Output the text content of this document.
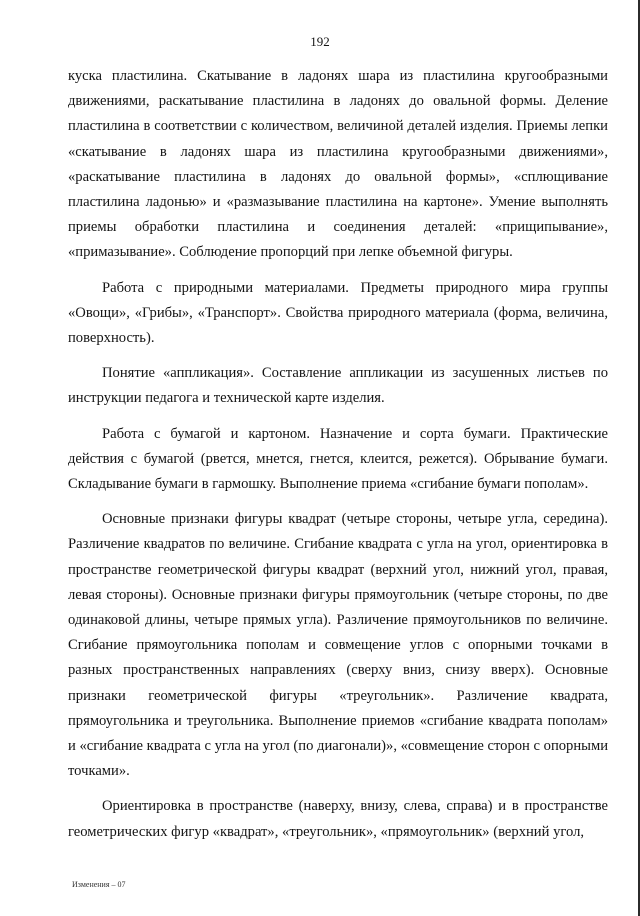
192

куска пластилина. Скатывание в ладонях шара из пластилина кругообразными движениями, раскатывание пластилина в ладонях до овальной формы. Деление пластилина в соответствии с количеством, величиной деталей изделия. Приемы лепки «скатывание в ладонях шара из пластилина кругообразными движениями», «раскатывание пластилина в ладонях до овальной формы», «сплющивание пластилина ладонью» и «размазывание пластилина на картоне». Умение выполнять приемы обработки пластилина и соединения деталей: «прищипывание», «примазывание». Соблюдение пропорций при лепке объемной фигуры.

Работа с природными материалами. Предметы природного мира группы «Овощи», «Грибы», «Транспорт». Свойства природного материала (форма, величина, поверхность).

Понятие «аппликация». Составление аппликации из засушенных листьев по инструкции педагога и технической карте изделия.

Работа с бумагой и картоном. Назначение и сорта бумаги. Практические действия с бумагой (рвется, мнется, гнется, клеится, режется). Обрывание бумаги. Складывание бумаги в гармошку. Выполнение приема «сгибание бумаги пополам».

Основные признаки фигуры квадрат (четыре стороны, четыре угла, середина). Различение квадратов по величине. Сгибание квадрата с угла на угол, ориентировка в пространстве геометрической фигуры квадрат (верхний угол, нижний угол, правая, левая стороны). Основные признаки фигуры прямоугольник (четыре стороны, по две одинаковой длины, четыре прямых угла). Различение прямоугольников по величине. Сгибание прямоугольника пополам и совмещение углов с опорными точками в разных пространственных направлениях (сверху вниз, снизу вверх). Основные признаки геометрической фигуры «треугольник». Различение квадрата, прямоугольника и треугольника. Выполнение приемов «сгибание квадрата пополам» и «сгибание квадрата с угла на угол (по диагонали)», «совмещение сторон с опорными точками».

Ориентировка в пространстве (наверху, внизу, слева, справа) и в пространстве геометрических фигур «квадрат», «треугольник», «прямоугольник» (верхний угол,

Изменения – 07
